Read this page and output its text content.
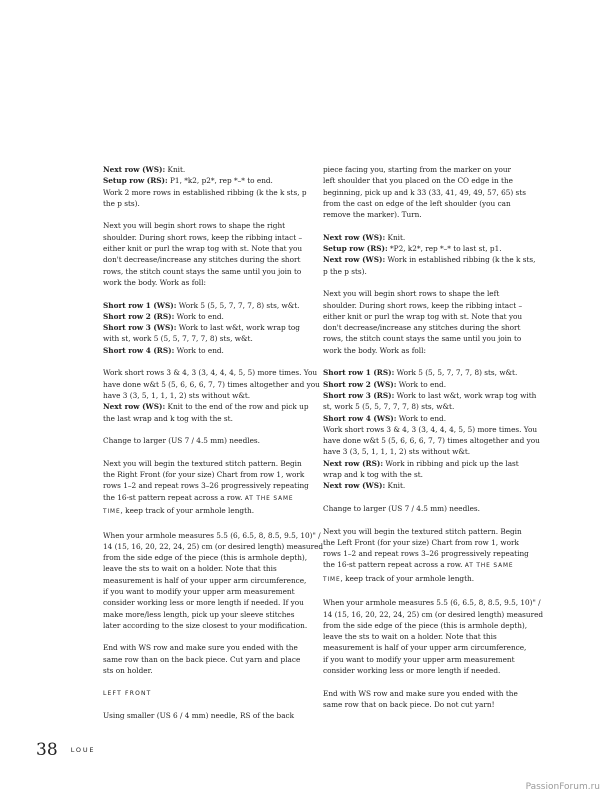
Next row (WS): Knit.
Setup row (RS): P1, *k2, p2*, rep *–* to end.
Work 2 more rows in established ribbing (k the k sts, p
the p sts).

Next you will begin short rows to shape the right
shoulder. During short rows, keep the ribbing intact –
either knit or purl the wrap tog with st. Note that you
don't decrease/increase any stitches during the short
rows, the stitch count stays the same until you join to
work the body. Work as foll:

Short row 1 (WS): Work 5 (5, 5, 7, 7, 7, 8) sts, w&t.
Short row 2 (RS): Work to end.
Short row 3 (WS): Work to last w&t, work wrap tog
with st, work 5 (5, 5, 7, 7, 7, 8) sts, w&t.
Short row 4 (RS): Work to end.

Work short rows 3 & 4, 3 (3, 4, 4, 4, 5, 5) more times. You
have done w&t 5 (5, 6, 6, 6, 7, 7) times altogether and you
have 3 (3, 5, 1, 1, 1, 2) sts without w&t.
Next row (WS): Knit to the end of the row and pick up
the last wrap and k tog with the st.

Change to larger (US 7 / 4.5 mm) needles.

Next you will begin the textured stitch pattern. Begin
the Right Front (for your size) Chart from row 1, work
rows 1–2 and repeat rows 3–26 progressively repeating
the 16-st pattern repeat across a row. AT THE SAME
TIME, keep track of your armhole length.

When your armhole measures 5.5 (6, 6.5, 8, 8.5, 9.5, 10)" /
14 (15, 16, 20, 22, 24, 25) cm (or desired length) measured
from the side edge of the piece (this is armhole depth),
leave the sts to wait on a holder. Note that this
measurement is half of your upper arm circumference,
if you want to modify your upper arm measurement
consider working less or more length if needed. If you
make more/less length, pick up your sleeve stitches
later according to the size closest to your modification.

End with WS row and make sure you ended with the
same row than on the back piece. Cut yarn and place
sts on holder.

LEFT FRONT

Using smaller (US 6 / 4 mm) needle, RS of the back

piece facing you, starting from the marker on your
left shoulder that you placed on the CO edge in the
beginning, pick up and k 33 (33, 41, 49, 49, 57, 65) sts
from the cast on edge of the left shoulder (you can
remove the marker). Turn.

Next row (WS): Knit.
Setup row (RS): *P2, k2*, rep *–* to last st, p1.
Next row (WS): Work in established ribbing (k the k sts,
p the p sts).

Next you will begin short rows to shape the left
shoulder. During short rows, keep the ribbing intact –
either knit or purl the wrap tog with st. Note that you
don't decrease/increase any stitches during the short
rows, the stitch count stays the same until you join to
work the body. Work as foll:

Short row 1 (RS): Work 5 (5, 5, 7, 7, 7, 8) sts, w&t.
Short row 2 (WS): Work to end.
Short row 3 (RS): Work to last w&t, work wrap tog with
st, work 5 (5, 5, 7, 7, 7, 8) sts, w&t.
Short row 4 (WS): Work to end.
Work short rows 3 & 4, 3 (3, 4, 4, 4, 5, 5) more times. You
have done w&t 5 (5, 6, 6, 6, 7, 7) times altogether and you
have 3 (3, 5, 1, 1, 1, 2) sts without w&t.
Next row (RS): Work in ribbing and pick up the last
wrap and k tog with the st.
Next row (WS): Knit.

Change to larger (US 7 / 4.5 mm) needles.

Next you will begin the textured stitch pattern. Begin
the Left Front (for your size) Chart from row 1, work
rows 1–2 and repeat rows 3–26 progressively repeating
the 16-st pattern repeat across a row. AT THE SAME
TIME, keep track of your armhole length.

When your armhole measures 5.5 (6, 6.5, 8, 8.5, 9.5, 10)" /
14 (15, 16, 20, 22, 24, 25) cm (or desired length) measured
from the side edge of the piece (this is armhole depth),
leave the sts to wait on a holder. Note that this
measurement is half of your upper arm circumference,
if you want to modify your upper arm measurement
consider working less or more length if needed.

End with WS row and make sure you ended with the
same row that on back piece. Do not cut yarn!

38 LOUE
PassionForum.ru
